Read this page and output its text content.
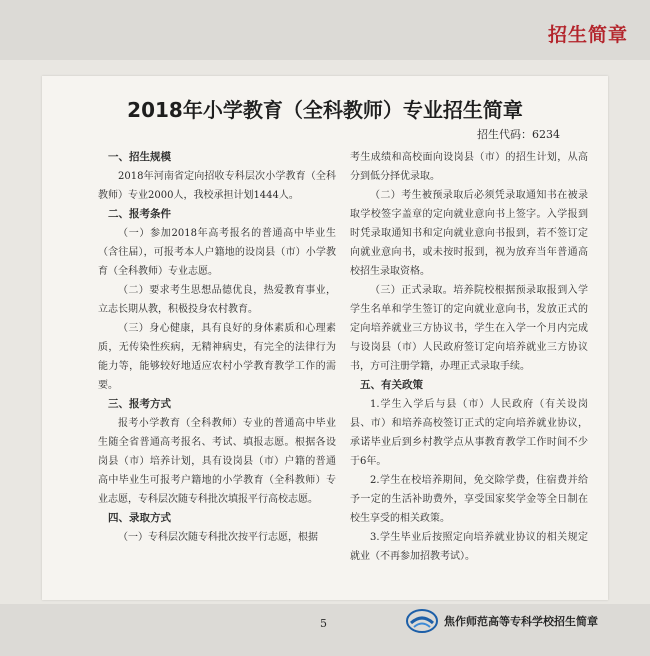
招生简章
2018年小学教育（全科教师）专业招生简章
招生代码：6234

一、招生规模

2018年河南省定向招收专科层次小学教育（全科教师）专业2000人，我校承担计划1444人。

二、报考条件

（一）参加2018年高考报名的普通高中毕业生（含往届），可报考本人户籍地的设岗县（市）小学教育（全科教师）专业志愿。

（二）要求考生思想品德优良，热爱教育事业，立志长期从教，积极投身农村教育。

（三）身心健康，具有良好的身体素质和心理素质，无传染性疾病，无精神病史，有完全的法律行为能力等，能够较好地适应农村小学教育教学工作的需要。

三、报考方式

报考小学教育（全科教师）专业的普通高中毕业生随全省普通高考报名、考试、填报志愿。根据各设岗县（市）培养计划，具有设岗县（市）户籍的普通高中毕业生可报考户籍地的小学教育（全科教师）专业志愿，专科层次随专科批次填报平行高校志愿。

四、录取方式

（一）专科层次随专科批次按平行志愿，根据

考生成绩和高校面向设岗县（市）的招生计划，从高分到低分择优录取。

（二）考生被预录取后必须凭录取通知书在被录取学校签字盖章的定向就业意向书上签字。入学报到时凭录取通知书和定向就业意向书报到，若不签订定向就业意向书，或未按时报到，视为放弃当年普通高校招生录取资格。

（三）正式录取。培养院校根据预录取报到入学学生名单和学生签订的定向就业意向书，发放正式的定向培养就业三方协议书，学生在入学一个月内完成与设岗县（市）人民政府签订定向培养就业三方协议书，方可注册学籍，办理正式录取手续。

五、有关政策

1.学生入学后与县（市）人民政府（有关设岗县、市）和培养高校签订正式的定向培养就业协议，承诺毕业后到乡村教学点从事教育教学工作时间不少于6年。

2.学生在校培养期间，免交除学费，住宿费并给予一定的生活补助费外，享受国家奖学金等全日制在校生享受的相关政策。

3.学生毕业后按照定向培养就业协议的相关规定就业（不再参加招教考试）。

5	焦作师范高等专科学校招生简章
